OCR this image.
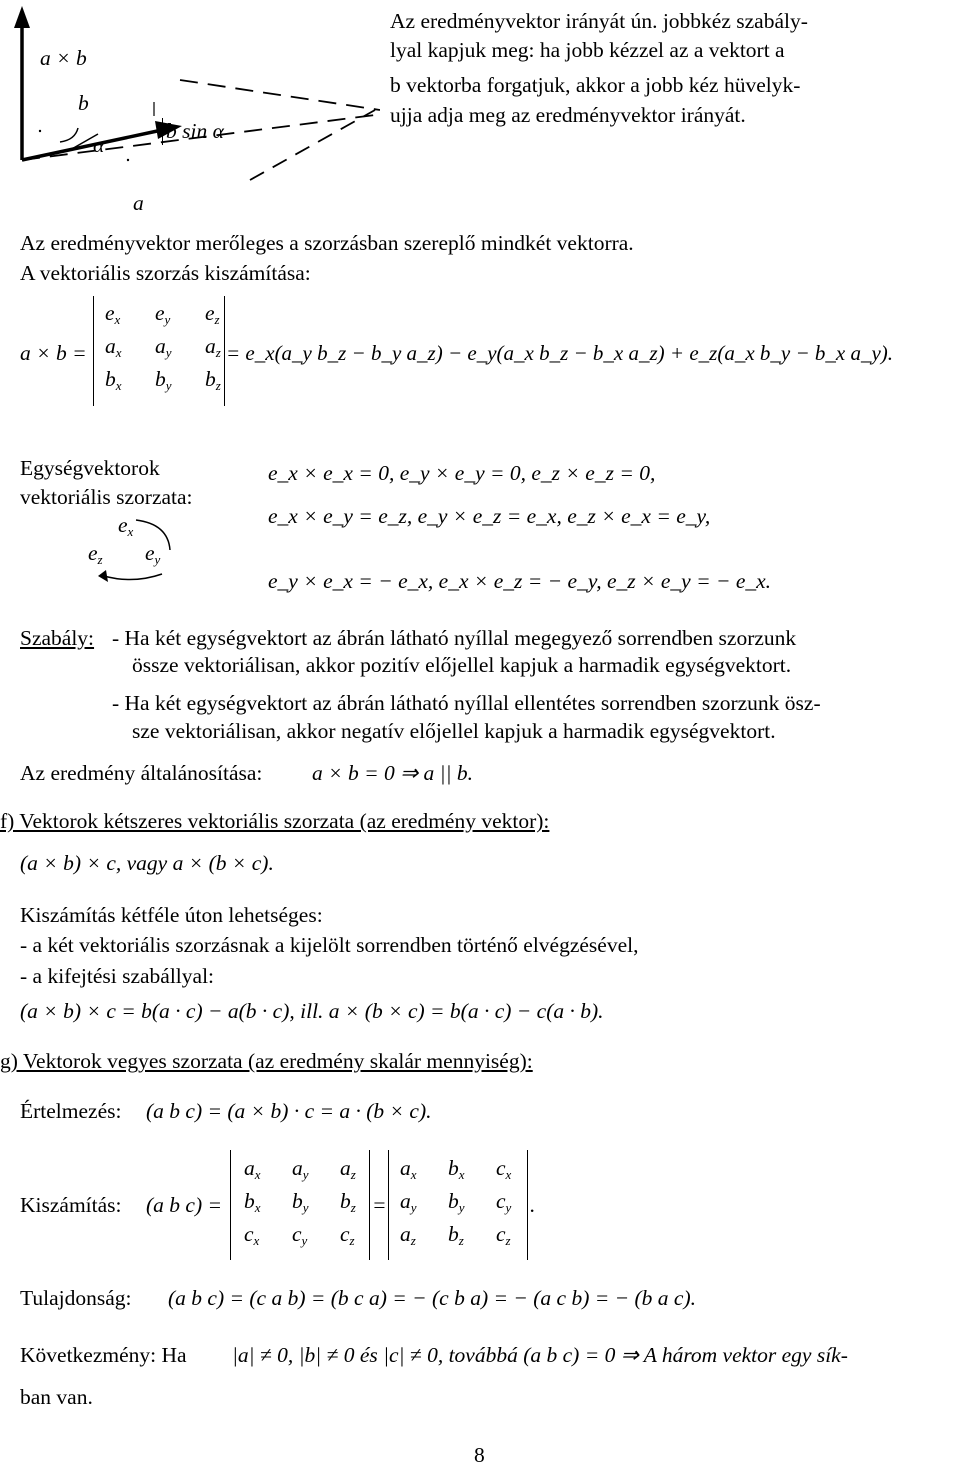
a × b
b
α
b sin α
a
Az eredményvektor irányát ún. jobbkéz szabály-
lyal kapjuk meg: ha jobb kézzel az a vektort a
b vektorba forgatjuk, akkor a jobb kéz hüvelyk-
ujja adja meg az eredményvektor irányát.
Az eredményvektor merőleges a szorzásban szereplő mindkét vektorra.
A vektoriális szorzás kiszámítása:
a × b =
$e_x$	$e_y$	$e_z$
$a_x$	$a_y$	$a_z$
$b_x$	$b_y$	$b_z$
= e_x(a_y b_z − b_y a_z) − e_y(a_x b_z − b_x a_z) + e_z(a_x b_y − b_x a_y).
Egységvektorok
vektoriális szorzata:
e_x × e_x = 0, e_y × e_y = 0, e_z × e_z = 0,
e_x × e_y = e_z, e_y × e_z = e_x, e_z × e_x = e_y,
e_y × e_x = − e_x, e_x × e_z = − e_y, e_z × e_y = − e_x.
$e_x$
$e_z$ $e_y$
Szabály: - Ha két egységvektort az ábrán látható nyíllal megegyező sorrendben szorzunk
össze vektoriálisan, akkor pozitív előjellel kapjuk a harmadik egységvektort.
- Ha két egységvektort az ábrán látható nyíllal ellentétes sorrendben szorzunk ösz-
sze vektoriálisan, akkor negatív előjellel kapjuk a harmadik egységvektort.
Az eredmény általánosítása: a × b = 0 ⇒ a || b.
f) Vektorok kétszeres vektoriális szorzata (az eredmény vektor):
(a × b) × c, vagy a × (b × c).
Kiszámítás kétféle úton lehetséges:
- a két vektoriális szorzásnak a kijelölt sorrendben történő elvégzésével,
- a kifejtési szabállyal:
(a × b) × c = b(a · c) − a(b · c), ill. a × (b × c) = b(a · c) − c(a · b).
g) Vektorok vegyes szorzata (az eredmény skalár mennyiség):
Értelmezés: (a b c) = (a × b) · c = a · (b × c).
Kiszámítás: (a b c) =
$a_x$	$a_y$	$a_z$
$b_x$	$b_y$	$b_z$
$c_x$	$c_y$	$c_z$
=
$a_x$	$b_x$	$c_x$
$a_y$	$b_y$	$c_y$
$a_z$	$b_z$	$c_z$
.
Tulajdonság: (a b c) = (c a b) = (b c a) = − (c b a) = − (a c b) = − (b a c).
Következmény: Ha |a| ≠ 0, |b| ≠ 0 és |c| ≠ 0, továbbá (a b c) = 0 ⇒ A három vektor egy sík-
ban van.
8
